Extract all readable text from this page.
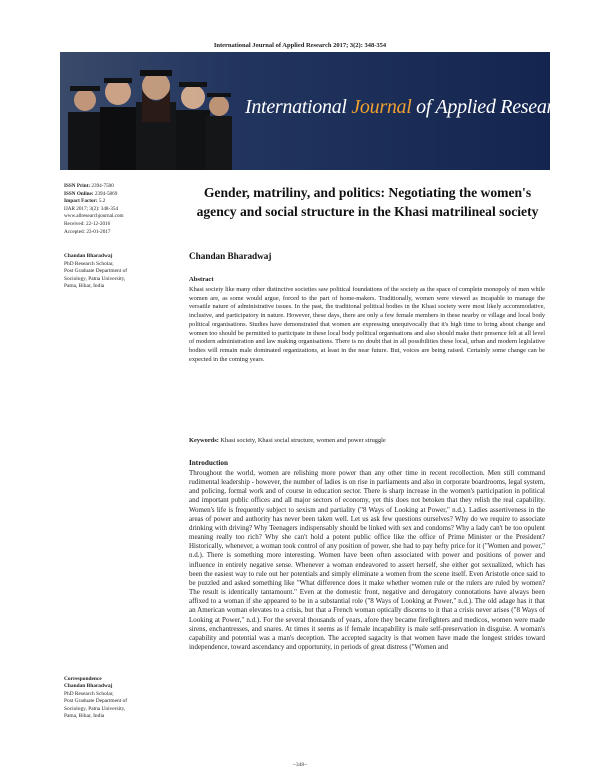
International Journal of Applied Research 2017; 3(2): 348-354
International Journal of Applied Research
ISSN Print: 2394-7500
ISSN Online: 2394-5869
Impact Factor: 5.2
IJAR 2017; 3(2): 348-354
www.allresearchjournal.com
Received: 22-12-2016
Accepted: 23-01-2017
Chandan Bharadwaj
PhD Research Scholar,
Post Graduate Department of
Sociology, Patna University,
Patna, Bihar, India
Correspondence
Chandan Bharadwaj
PhD Research Scholar,
Post Graduate Department of
Sociology, Patna University,
Patna, Bihar, India
Gender, matriliny, and politics: Negotiating the women's agency and social structure in the Khasi matrilineal society
Chandan Bharadwaj
Abstract
Khasi society like many other distinctive societies saw political foundations of the society as the space of complete monopoly of men while women are, as some would argue, forced to the part of home-makers. Traditionally, women were viewed as incapable to manage the versatile nature of administrative issues. In the past, the traditional political bodies in the Khasi society were most likely accommodative, inclusive, and participatory in nature. However, these days, there are only a few female members in these nearby or village and local body political organisations. Studies have demonstrated that women are expressing unequivocally that it's high time to bring about change and women too should be permitted to participate in these local body political organisations and also should make their presence felt at all level of modern administration and law making organisations. There is no doubt that in all possibilities these local, urban and modern legislative bodies will remain male dominated organizations, at least in the near future. But, voices are being raised. Certainly some change can be expected in the coming years.
Keywords: Khasi society, Khasi social structure, women and power struggle
Introduction
Throughout the world, women are relishing more power than any other time in recent recollection. Men still command rudimental leadership - however, the number of ladies is on rise in parliaments and also in corporate boardrooms, legal system, and policing, formal work and of course in education sector. There is sharp increase in the women's participation in political and important public offices and all major sectors of economy, yet this does not betoken that they relish the real capability. Women's life is frequently subject to sexism and partiality ("8 Ways of Looking at Power," n.d.). Ladies assertiveness in the areas of power and authority has never been taken well. Let us ask few questions ourselves? Why do we require to associate drinking with driving? Why Teenagers indispensably should be linked with sex and condoms? Why a lady can't be too opulent meaning really too rich? Why she can't hold a potent public office like the office of Prime Minister or the President? Historically, whenever, a woman took control of any position of power, she had to pay hefty price for it ("Women and power," n.d.). There is something more interesting. Women have been often associated with power and positions of power and influence in entirely negative sense. Whenever a woman endeavored to assert herself, she either got sexualized, which has been the easiest way to rule out her potentials and simply eliminate a women from the scene itself. Even Aristotle once said to be puzzled and asked something like "What difference does it make whether women rule or the rulers are ruled by women? The result is identically tantamount." Even at the domestic front, negative and derogatory connotations have always been affixed to a woman if she appeared to be in a substantial role ("8 Ways of Looking at Power," n.d.). The old adage has it that an American woman elevates to a crisis, but that a French woman optically discerns to it that a crisis never arises ("8 Ways of Looking at Power," n.d.). For the several thousands of years, afore they became firefighters and medicos, women were made sirens, enchantresses, and snares. At times it seems as if female incapability is male self-preservation in disguise. A woman's capability and potential was a man's deception. The accepted sagacity is that women have made the longest strides toward independence, toward ascendancy and opportunity, in periods of great distress ("Women and
~348~
